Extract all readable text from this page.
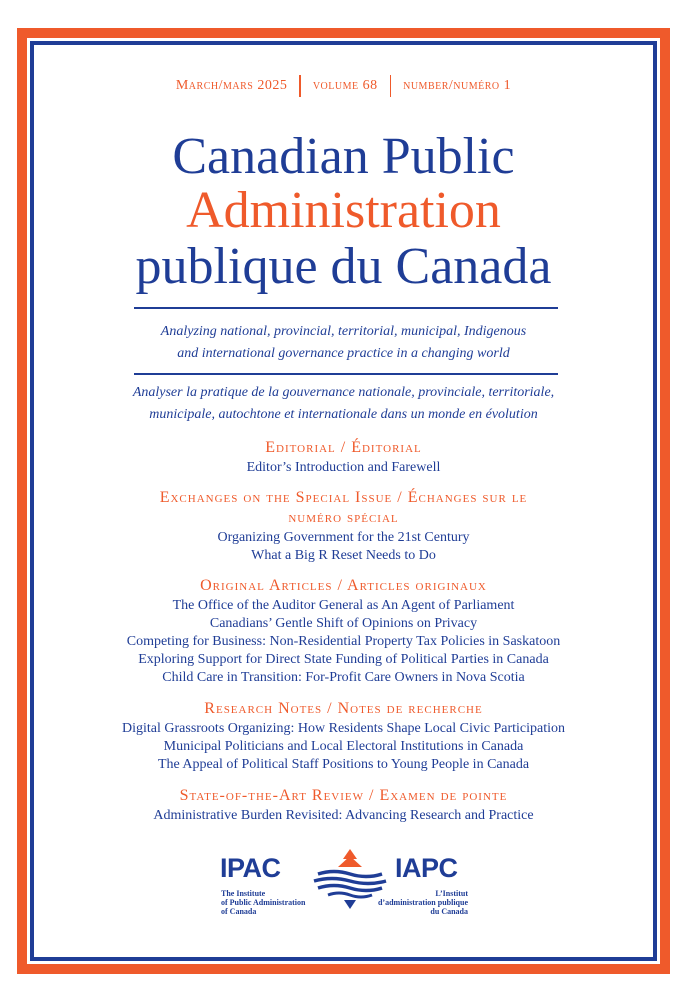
March/mars 2025 volume 68 number/numéro 1
Canadian Public
Administration
publique du Canada
Analyzing national, provincial, territorial, municipal, Indigenous
and international governance practice in a changing world
Analyser la pratique de la gouvernance nationale, provinciale, territoriale,
municipale, autochtone et internationale dans un monde en évolution
Editorial / Éditorial
Editor’s Introduction and Farewell
Exchanges on the Special Issue / Échanges sur le
numéro spécial
Organizing Government for the 21st Century
What a Big R Reset Needs to Do
Original Articles / Articles originaux
The Office of the Auditor General as An Agent of Parliament
Canadians’ Gentle Shift of Opinions on Privacy
Competing for Business: Non-Residential Property Tax Policies in Saskatoon
Exploring Support for Direct State Funding of Political Parties in Canada
Child Care in Transition: For-Profit Care Owners in Nova Scotia
Research Notes / Notes de recherche
Digital Grassroots Organizing: How Residents Shape Local Civic Participation
Municipal Politicians and Local Electoral Institutions in Canada
The Appeal of Political Staff Positions to Young People in Canada
State-of-the-Art Review / Examen de pointe
Administrative Burden Revisited: Advancing Research and Practice
IPAC	IAPC
The Institute
of Public Administration
of Canada
L’Institut
d’administration publique
du Canada
